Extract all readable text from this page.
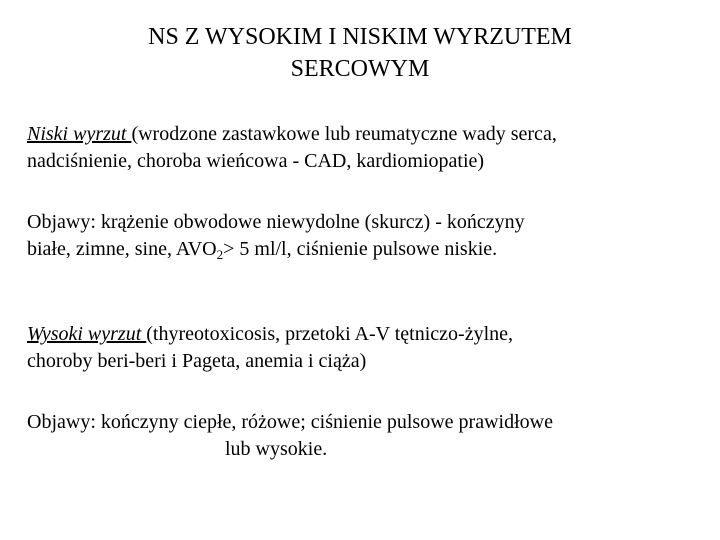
NS Z WYSOKIM I NISKIM WYRZUTEM
SERCOWYM

Niski wyrzut (wrodzone zastawkowe lub reumatyczne wady serca,
nadciśnienie, choroba wieńcowa - CAD, kardiomiopatie)

Objawy: krążenie obwodowe niewydolne (skurcz) - kończyny
białe, zimne, sine, $AVO_2> 5$ ml/l, ciśnienie pulsowe niskie.

Wysoki wyrzut (thyreotoxicosis, przetoki A-V tętniczo-żylne,
choroby beri-beri i Pageta, anemia i ciąża)

Objawy: kończyny ciepłe, różowe; ciśnienie pulsowe prawidłowe
lub wysokie.
